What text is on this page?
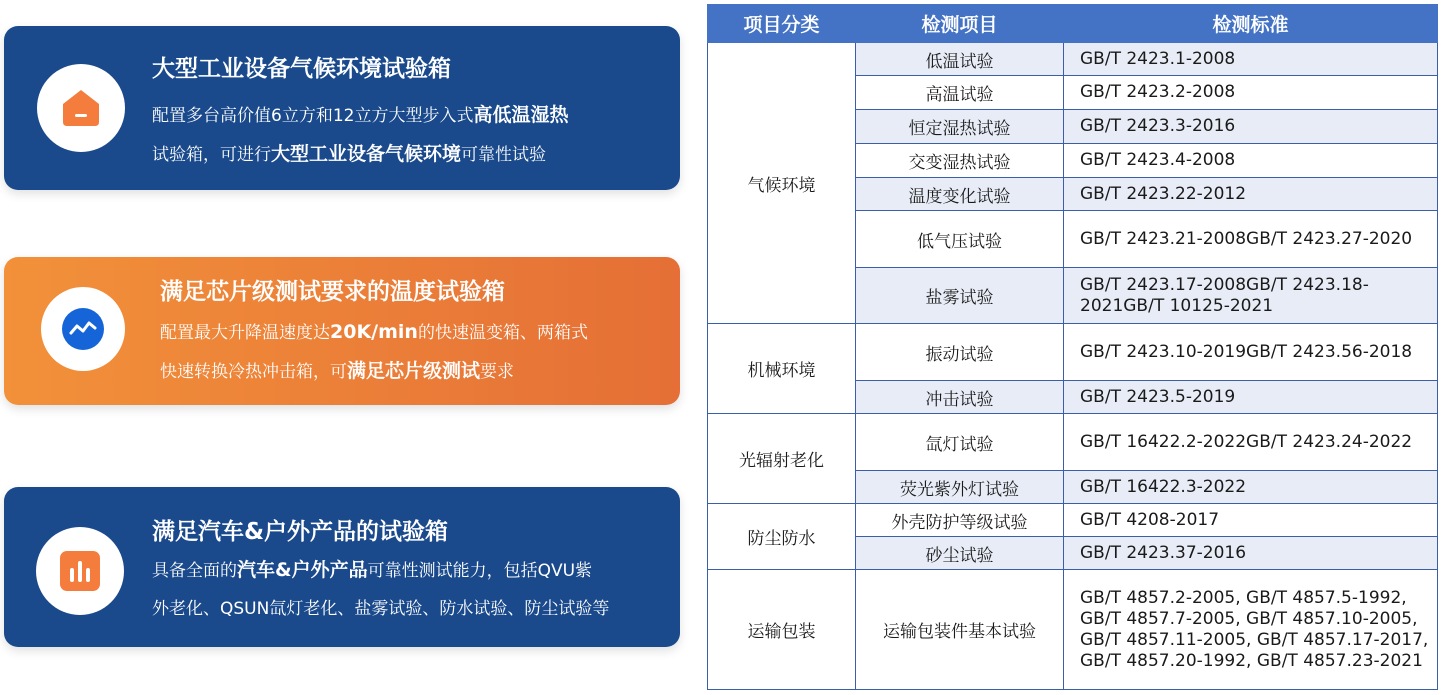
大型工业设备气候环境试验箱
配置多台高价值6立方和12立方大型步入式高低温湿热
试验箱，可进行大型工业设备气候环境可靠性试验
满足芯片级测试要求的温度试验箱
配置最大升降温速度达20K/min的快速温变箱、两箱式
快速转换冷热冲击箱，可满足芯片级测试要求
满足汽车&户外产品的试验箱
具备全面的汽车&户外产品可靠性测试能力，包括QVU紫
外老化、QSUN氙灯老化、盐雾试验、防水试验、防尘试验等
项目分类	检测项目	检测标准
气候环境	低温试验	GB/T 2423.1-2008
	高温试验	GB/T 2423.2-2008
	恒定湿热试验	GB/T 2423.3-2016
	交变湿热试验	GB/T 2423.4-2008
	温度变化试验	GB/T 2423.22-2012
	低气压试验	GB/T 2423.21-2008GB/T 2423.27-2020
	盐雾试验	GB/T 2423.17-2008GB/T 2423.18-2021GB/T 10125-2021
机械环境	振动试验	GB/T 2423.10-2019GB/T 2423.56-2018
	冲击试验	GB/T 2423.5-2019
光辐射老化	氙灯试验	GB/T 16422.2-2022GB/T 2423.24-2022
	荧光紫外灯试验	GB/T 16422.3-2022
防尘防水	外壳防护等级试验	GB/T 4208-2017
	砂尘试验	GB/T 2423.37-2016
运输包装	运输包装件基本试验	GB/T 4857.2-2005, GB/T 4857.5-1992, GB/T 4857.7-2005, GB/T 4857.10-2005, GB/T 4857.11-2005, GB/T 4857.17-2017, GB/T 4857.20-1992, GB/T 4857.23-2021
